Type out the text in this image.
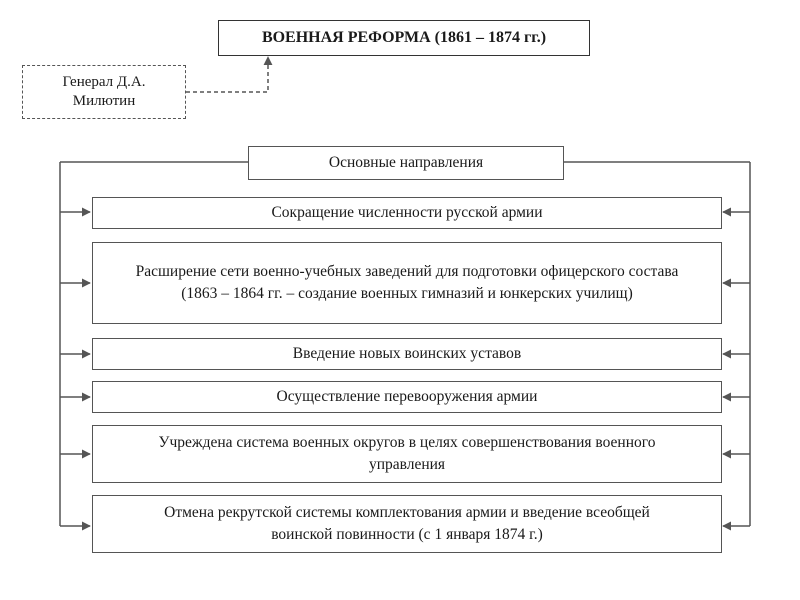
ВОЕННАЯ РЕФОРМА (1861 – 1874 гг.)
Генерал Д.А. Милютин
Основные направления
Сокращение численности русской армии
Расширение сети военно-учебных заведений для подготовки офицерского состава (1863 – 1864 гг. – создание военных гимназий и юнкерских училищ)
Введение новых воинских уставов
Осуществление перевооружения армии
Учреждена система военных округов в целях совершенствования военного управления
Отмена рекрутской системы комплектования армии и введение всеобщей воинской повинности (с 1 января 1874 г.)
